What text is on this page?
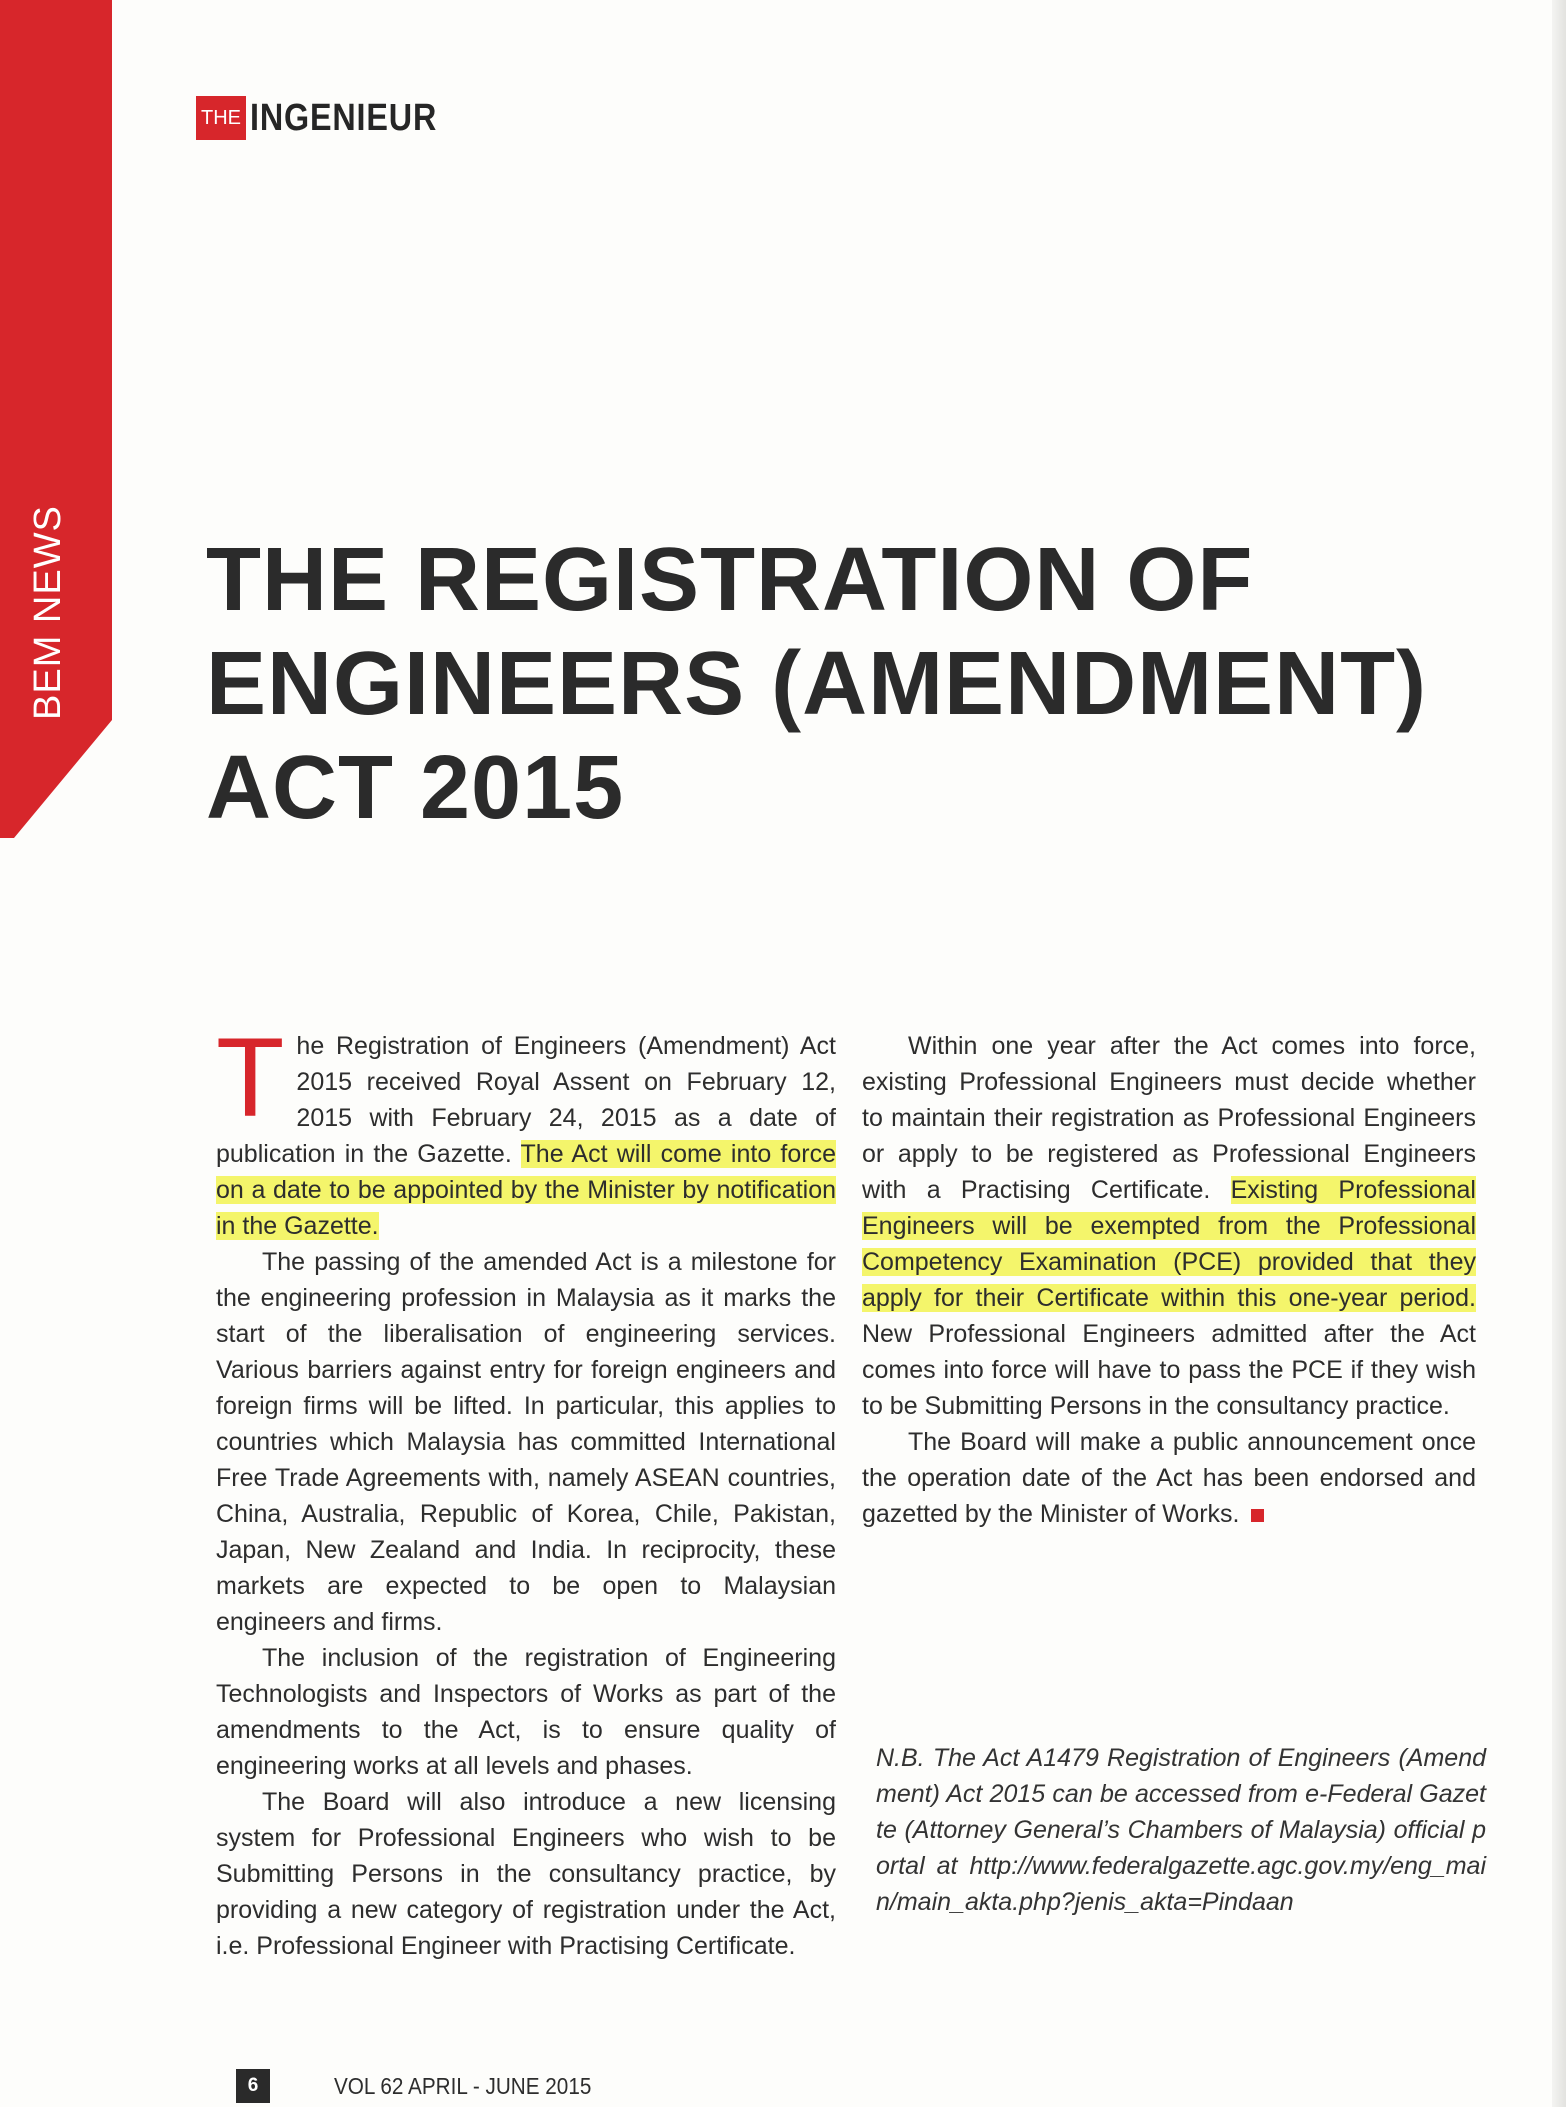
THE INGENIEUR
THE REGISTRATION OF
ENGINEERS (AMENDMENT)
ACT 2015

The Registration of Engineers (Amendment) Act 2015 received Royal Assent on February 12, 2015 with February 24, 2015 as a date of publication in the Gazette. The Act will come into force on a date to be appointed by the Minister by notification in the Gazette.

The passing of the amended Act is a milestone for the engineering profession in Malaysia as it marks the start of the liberalisation of engineering services. Various barriers against entry for foreign engineers and foreign firms will be lifted. In particular, this applies to countries which Malaysia has committed International Free Trade Agreements with, namely ASEAN countries, China, Australia, Republic of Korea, Chile, Pakistan, Japan, New Zealand and India. In reciprocity, these markets are expected to be open to Malaysian engineers and firms.

The inclusion of the registration of Engineering Technologists and Inspectors of Works as part of the amendments to the Act, is to ensure quality of engineering works at all levels and phases.

The Board will also introduce a new licensing system for Professional Engineers who wish to be Submitting Persons in the consultancy practice, by providing a new category of registration under the Act, i.e. Professional Engineer with Practising Certificate.

Within one year after the Act comes into force, existing Professional Engineers must decide whether to maintain their registration as Professional Engineers or apply to be registered as Professional Engineers with a Practising Certificate. Existing Professional Engineers will be exempted from the Professional Competency Examination (PCE) provided that they apply for their Certificate within this one-year period. New Professional Engineers admitted after the Act comes into force will have to pass the PCE if they wish to be Submitting Persons in the consultancy practice.

The Board will make a public announcement once the operation date of the Act has been endorsed and gazetted by the Minister of Works.

N.B. The Act A1479 Registration of Engineers (Amendment) Act 2015 can be accessed from e-Federal Gazette (Attorney General’s Chambers of Malaysia) official portal at http://www.federalgazette.agc.gov.my/eng_main/main_akta.php?jenis_akta=Pindaan

6	VOL 62 APRIL - JUNE 2015
